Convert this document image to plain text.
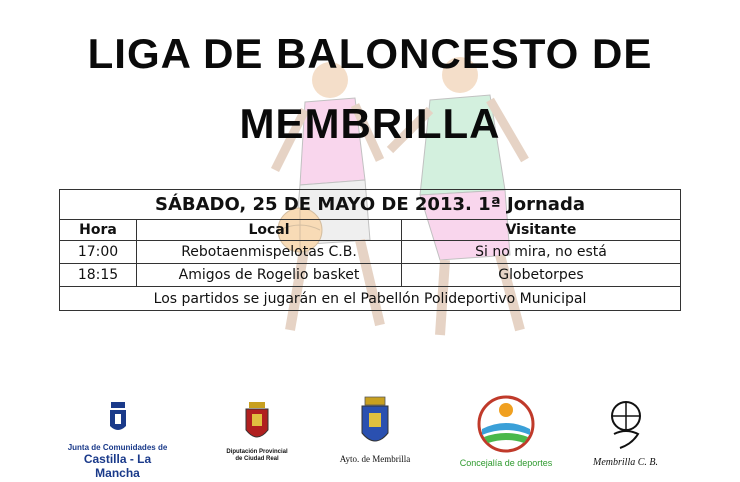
LIGA DE BALONCESTO DE
MEMBRILLA
SÁBADO, 25 DE MAYO DE 2013. 1ª Jornada		
Hora	Local	Visitante
17:00	Rebotaenmispelotas C.B.	Si no mira, no está
18:15	Amigos de Rogelio basket	Globetorpes
Los partidos se jugarán en el Pabellón Polideportivo Municipal		
Junta de Comunidades de
Castilla - La Mancha
Diputación Provincial
de Ciudad Real	Ayto. de Membrilla	Concejalía de deportes	Membrilla C. B.
